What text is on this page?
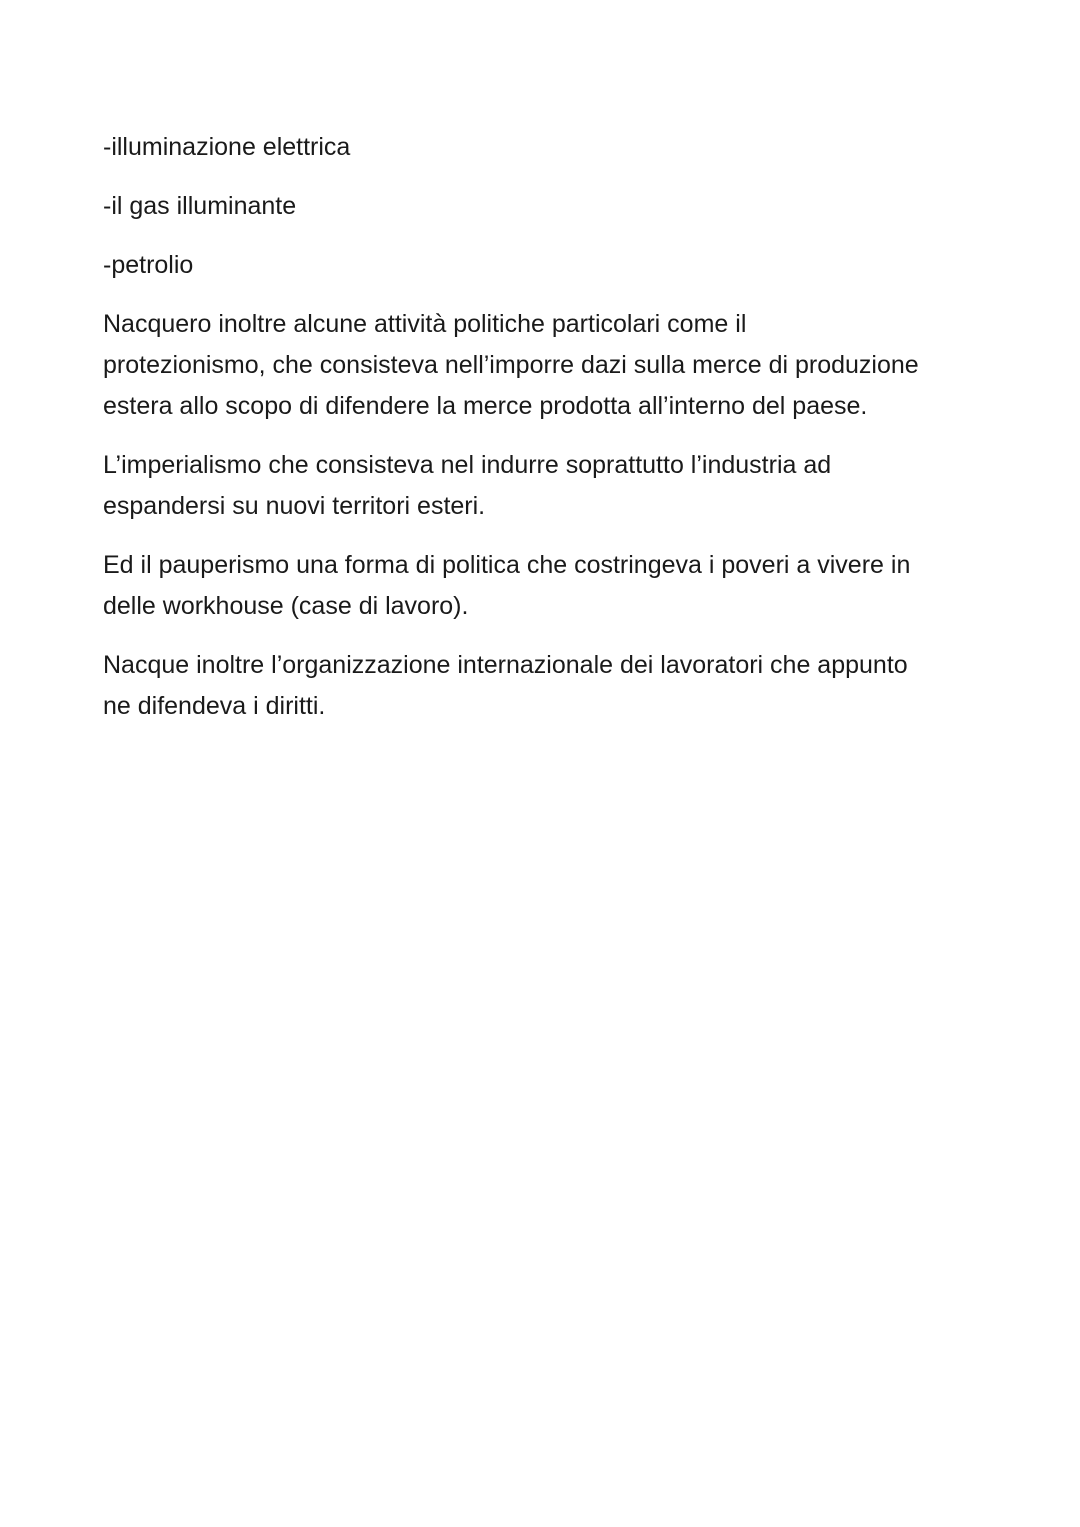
-illuminazione elettrica

-il gas illuminante

-petrolio

Nacquero inoltre alcune attività politiche particolari come il
protezionismo, che consisteva nell’imporre dazi sulla merce di produzione
estera allo scopo di difendere la merce prodotta all’interno del paese.

L’imperialismo che consisteva nel indurre soprattutto l’industria ad
espandersi su nuovi territori esteri.

Ed il pauperismo una forma di politica che costringeva i poveri a vivere in
delle workhouse (case di lavoro).

Nacque inoltre l’organizzazione internazionale dei lavoratori che appunto
ne difendeva i diritti.
